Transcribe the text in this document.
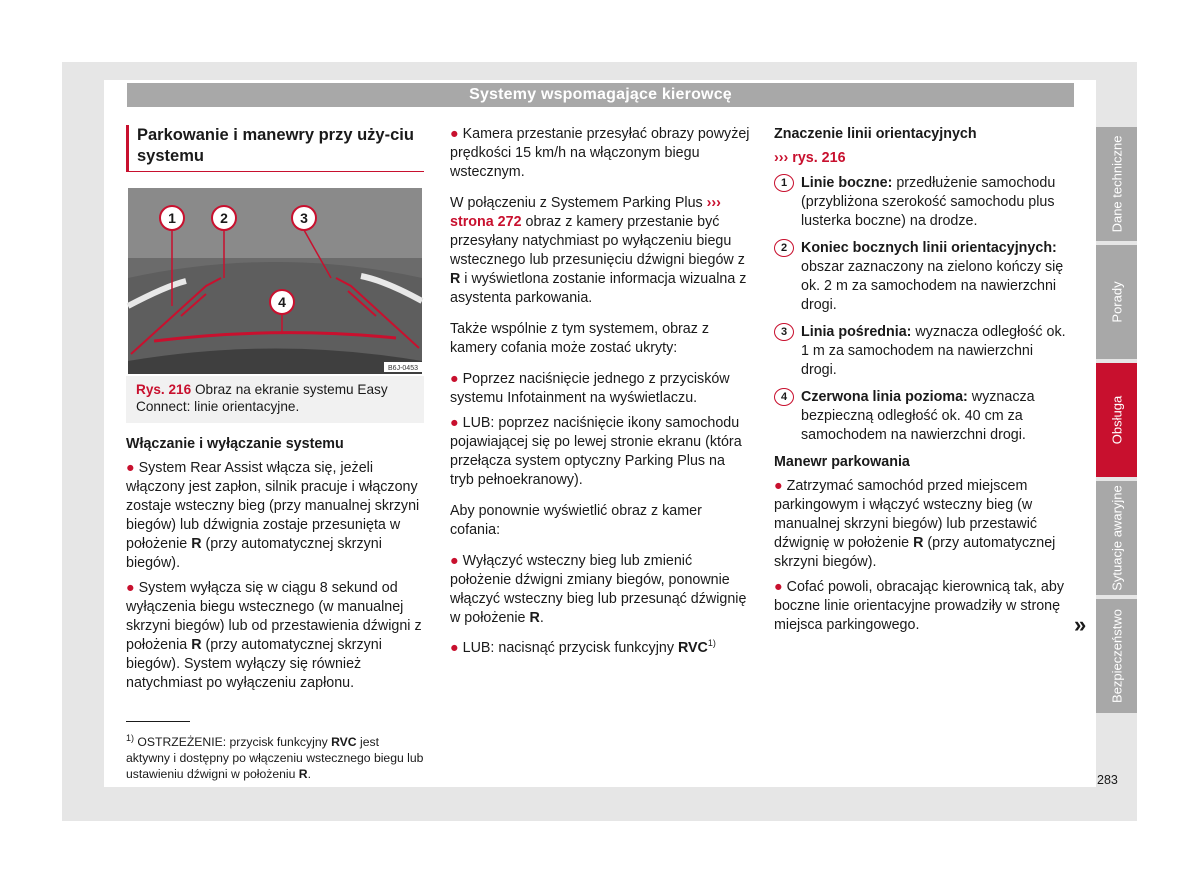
Systemy wspomagające kierowcę
Parkowanie i manewry przy uży-ciu systemu
1	2	3
4
B6J-0453
Rys. 216 Obraz na ekranie systemu Easy Connect: linie orientacyjne.
Włączanie i wyłączanie systemu

● System Rear Assist włącza się, jeżeli włączony jest zapłon, silnik pracuje i włączony zostaje wsteczny bieg (przy manualnej skrzyni biegów) lub dźwignia zostaje przesunięta w położenie R (przy automatycznej skrzyni biegów).

● System wyłącza się w ciągu 8 sekund od wyłączenia biegu wstecznego (w manualnej skrzyni biegów) lub od przestawienia dźwigni z położenia R (przy automatycznej skrzyni biegów). System wyłączy się również natychmiast po wyłączeniu zapłonu.

$^{1)}$ OSTRZEŻENIE: przycisk funkcyjny RVC jest aktywny i dostępny po włączeniu wstecznego biegu lub ustawieniu dźwigni w położeniu R.

● Kamera przestanie przesyłać obrazy powyżej prędkości 15 km/h na włączonym biegu wstecznym.

W połączeniu z Systemem Parking Plus ››› strona 272 obraz z kamery przestanie być przesyłany natychmiast po wyłączeniu biegu wstecznego lub przesunięciu dźwigni biegów z R i wyświetlona zostanie informacja wizualna z asystenta parkowania.

Także wspólnie z tym systemem, obraz z kamery cofania może zostać ukryty:

● Poprzez naciśnięcie jednego z przycisków systemu Infotainment na wyświetlaczu.

● LUB: poprzez naciśnięcie ikony samochodu pojawiającej się po lewej stronie ekranu (która przełącza system optyczny Parking Plus na tryb pełnoekranowy).

Aby ponownie wyświetlić obraz z kamer cofania:

● Wyłączyć wsteczny bieg lub zmienić położenie dźwigni zmiany biegów, ponownie włączyć wsteczny bieg lub przesunąć dźwignię w położenie R.

● LUB: nacisnąć przycisk funkcyjny RVC$^{1)}$

Znaczenie linii orientacyjnych

››› rys. 216

1 Linie boczne: przedłużenie samochodu (przybliżona szerokość samochodu plus lusterka boczne) na drodze.
2 Koniec bocznych linii orientacyjnych: obszar zaznaczony na zielono kończy się ok. 2 m za samochodem na nawierzchni drogi.
3 Linia pośrednia: wyznacza odległość ok. 1 m za samochodem na nawierzchni drogi.
4 Czerwona linia pozioma: wyznacza bezpieczną odległość ok. 40 cm za samochodem na nawierzchni drogi.
Manewr parkowania

● Zatrzymać samochód przed miejscem parkingowym i włączyć wsteczny bieg (w manualnej skrzyni biegów) lub przestawić dźwignię w położenie R (przy automatycznej skrzyni biegów).

● Cofać powoli, obracając kierownicą tak, aby boczne linie orientacyjne prowadziły w stronę miejsca parkingowego.	»
Dane techniczne
Porady
Obsługa
Sytuacje awaryjne
Bezpieczeństwo
283
